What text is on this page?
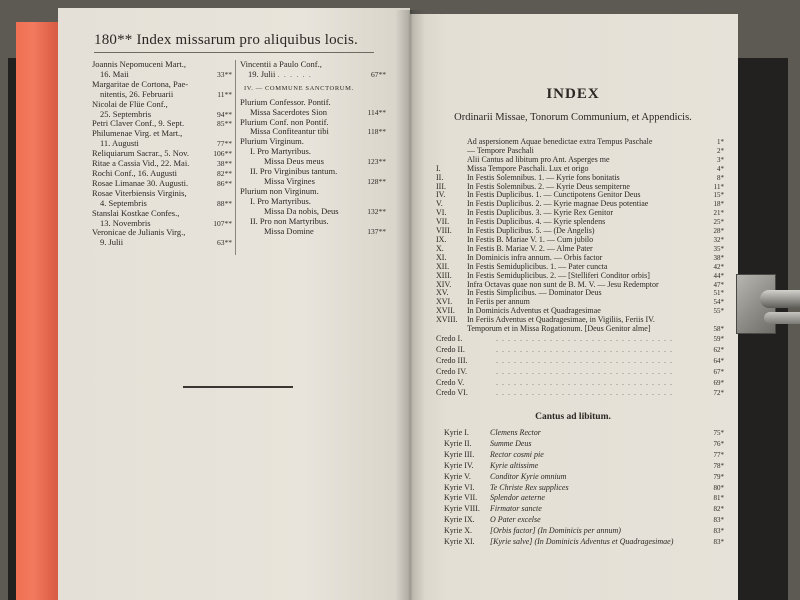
180** Index missarum pro aliquibus locis.
Joannis Nepomuceni Mart.,
16. Maii	33**
Margaritae de Cortona, Pae-
nitentis, 26. Februarii	11**
Nicolai de Flüe Conf.,
25. Septembris	94**
Petri Claver Conf., 9. Sept.	85**
Philumenae Virg. et Mart.,
11. Augusti	77**
Reliquiarum Sacrar., 5. Nov.	106**
Ritae a Cassia Vid., 22. Mai.	38**
Rochi Conf., 16. Augusti	82**
Rosae Limanae 30. Augusti.	86**
Rosae Viterbiensis Virginis,
4. Septembris	88**
Stanslai Kostkae Confes.,
13. Novembris	107**
Veronicae de Julianis Virg.,
9. Julii	63**
Vincentii a Paulo Conf.,
19. Julii . . . . . .	67**
IV. — COMMUNE SANCTORUM.
Plurium Confessor. Pontif.
Missa Sacerdotes Sion	114**
Plurium Conf. non Pontif.
Missa Confiteantur tibi	118**
Plurium Virginum.
I. Pro Martyribus.
Missa Deus meus	123**
II. Pro Virginibus tantum.
Missa Virgines	128**
Plurium non Virginum.
I. Pro Martyribus.
Missa Da nobis, Deus	132**
II. Pro non Martyribus.
Missa Domine	137**
INDEX
Ordinarii Missae, Tonorum Communium, et Appendicis.
Ad aspersionem Aquae benedictae extra Tempus Paschale	1*
— Tempore Paschali	2*
Alii Cantus ad libitum pro Ant. Asperges me	3*
I.	Missa Tempore Paschali. Lux et origo	4*
II.	In Festis Solemnibus. 1. — Kyrie fons bonitatis	8*
III.	In Festis Solemnibus. 2. — Kyrie Deus sempiterne	11*
IV.	In Festis Duplicibus. 1. — Cunctipotens Genitor Deus	15*
V.	In Festis Duplicibus. 2. — Kyrie magnae Deus potentiae	18*
VI.	In Festis Duplicibus. 3. — Kyrie Rex Genitor	21*
VII.	In Festis Duplicibus. 4. — Kyrie splendens	25*
VIII.	In Festis Duplicibus. 5. — (De Angelis)	28*
IX.	In Festis B. Mariae V. 1. — Cum jubilo	32*
X.	In Festis B. Mariae V. 2. — Alme Pater	35*
XI.	In Dominicis infra annum. — Orbis factor	38*
XII.	In Festis Semiduplicibus. 1. — Pater cuncta	42*
XIII.	In Festis Semiduplicibus. 2. — [Stelliferi Conditor orbis]	44*
XIV.	Infra Octavas quae non sunt de B. M. V. — Jesu Redemptor	47*
XV.	In Festis Simplicibus. — Dominator Deus	51*
XVI.	In Feriis per annum	54*
XVII.	In Dominicis Adventus et Quadragesimae	55*
XVIII.	In Feriis Adventus et Quadragesimae, in Vigiliis, Feriis IV.
Temporum et in Missa Rogationum. [Deus Genitor alme]	58*
Credo I.	. . . . . . . . . . . . . . . . . . . . . . . . . . . . . .	59*
Credo II.	. . . . . . . . . . . . . . . . . . . . . . . . . . . . . .	62*
Credo III.	. . . . . . . . . . . . . . . . . . . . . . . . . . . . . .	64*
Credo IV.	. . . . . . . . . . . . . . . . . . . . . . . . . . . . . .	67*
Credo V.	. . . . . . . . . . . . . . . . . . . . . . . . . . . . . .	69*
Credo VI.	. . . . . . . . . . . . . . . . . . . . . . . . . . . . . .	72*
Cantus ad libitum.
Kyrie I.	Clemens Rector	75*
Kyrie II.	Summe Deus	76*
Kyrie III.	Rector cosmi pie	77*
Kyrie IV.	Kyrie altissime	78*
Kyrie V.	Conditor Kyrie omnium	79*
Kyrie VI.	Te Christe Rex supplices	80*
Kyrie VII.	Splendor aeterne	81*
Kyrie VIII.	Firmator sancte	82*
Kyrie IX.	O Pater excelse	83*
Kyrie X.	[Orbis factor] (In Dominicis per annum)	83*
Kyrie XI.	[Kyrie salve] (In Dominicis Adventus et Quadragesimae)	83*
